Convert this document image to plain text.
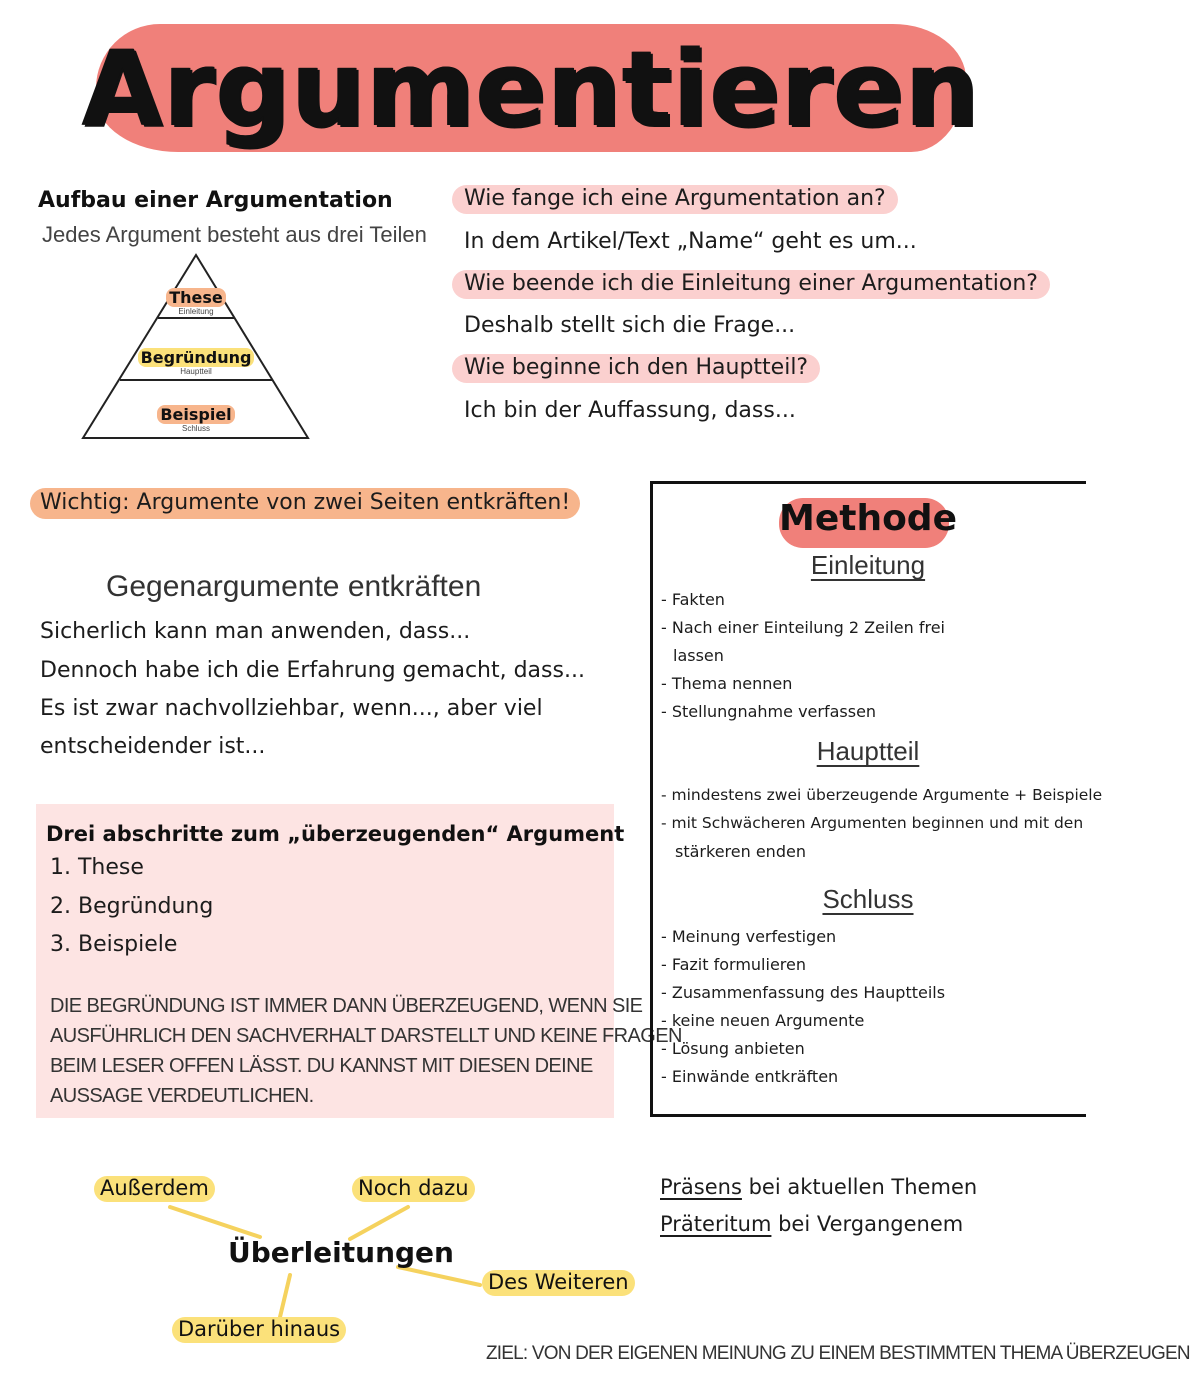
Argumentieren
Aufbau einer Argumentation
Jedes Argument besteht aus drei Teilen
These
Einleitung
Begründung
Hauptteil
Beispiel
Schluss
Wie fange ich eine Argumentation an?
In dem Artikel/Text „Name“ geht es um...
Wie beende ich die Einleitung einer Argumentation?
Deshalb stellt sich die Frage...
Wie beginne ich den Hauptteil?
Ich bin der Auffassung, dass...
Wichtig: Argumente von zwei Seiten entkräften!
Gegenargumente entkräften
Sicherlich kann man anwenden, dass...
Dennoch habe ich die Erfahrung gemacht, dass...
Es ist zwar nachvollziehbar, wenn..., aber viel
entscheidender ist...
Drei abschritte zum „überzeugenden“ Argument
1. These
2. Begründung
3. Beispiele
DIE BEGRÜNDUNG IST IMMER DANN ÜBERZEUGEND, WENN SIE
AUSFÜHRLICH DEN SACHVERHALT DARSTELLT UND KEINE FRAGEN
BEIM LESER OFFEN LÄSST. DU KANNST MIT DIESEN DEINE
AUSSAGE VERDEUTLICHEN.
Methode
Einleitung
- Fakten
- Nach einer Einteilung 2 Zeilen frei
lassen
- Thema nennen
- Stellungnahme verfassen
Hauptteil
- mindestens zwei überzeugende Argumente + Beispiele
- mit Schwächeren Argumenten beginnen und mit den
stärkeren enden
Schluss
- Meinung verfestigen
- Fazit formulieren
- Zusammenfassung des Hauptteils
- keine neuen Argumente
- Lösung anbieten
- Einwände entkräften
Außerdem	Noch dazu
Überleitungen
Des Weiteren
Darüber hinaus
Präsens bei aktuellen Themen
Präteritum bei Vergangenem
ZIEL: VON DER EIGENEN MEINUNG ZU EINEM BESTIMMTEN THEMA ÜBERZEUGEN
